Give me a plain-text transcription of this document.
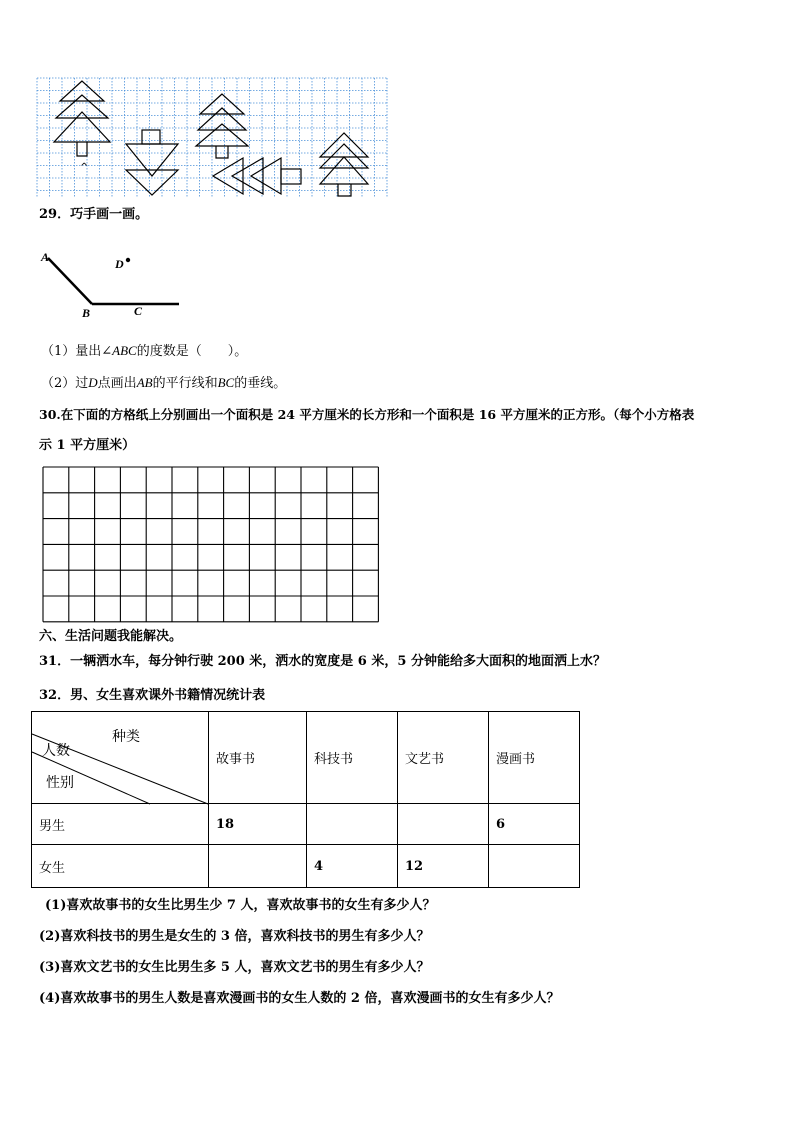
^
29．巧手画一画。
A
B	C
D
（1）量出∠ABC的度数是（　　）。
（2）过D点画出AB的平行线和BC的垂线。
30.在下面的方格纸上分别画出一个面积是 24 平方厘米的长方形和一个面积是 16 平方厘米的正方形。（每个小方格表
示 1 平方厘米）
六、生活问题我能解决。
31．一辆洒水车，每分钟行驶 200 米，洒水的宽度是 6 米，5 分钟能给多大面积的地面洒上水？
32．男、女生喜欢课外书籍情况统计表
种类
人数
性别	故事书	科技书	文艺书	漫画书
男生	18			6
女生		4	12	
(1)喜欢故事书的女生比男生少 7 人，喜欢故事书的女生有多少人？
(2)喜欢科技书的男生是女生的 3 倍，喜欢科技书的男生有多少人？
(3)喜欢文艺书的女生比男生多 5 人，喜欢文艺书的男生有多少人？
(4)喜欢故事书的男生人数是喜欢漫画书的女生人数的 2 倍，喜欢漫画书的女生有多少人？
